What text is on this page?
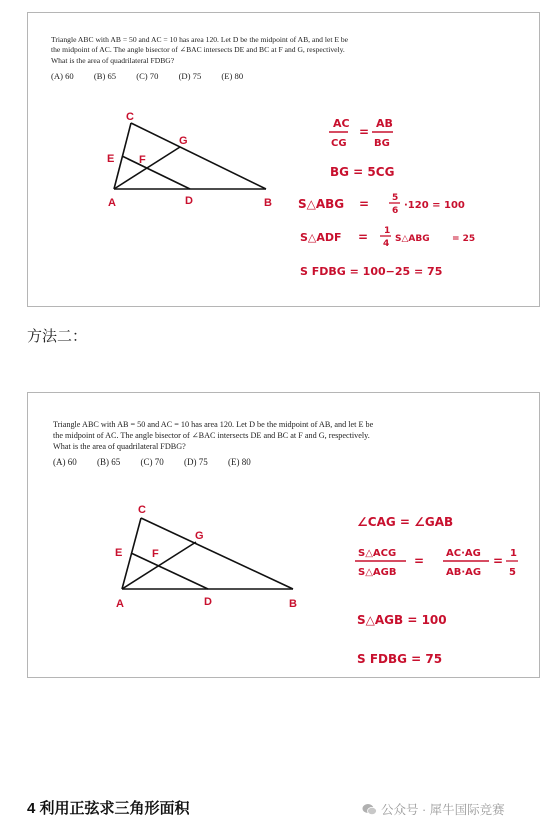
Triangle ABC with AB = 50 and AC = 10 has area 120. Let D be the midpoint of AB, and let E be

the midpoint of AC. The angle bisector of ∠BAC intersects DE and BC at F and G, respectively.

What is the area of quadrilateral FDBG?

(A) 60 (B) 65 (C) 70 (D) 75 (E) 80

C
G
E F
A	D	B
AC
CG
=
AB
BG
BG = 5CG
S△ABG =	5
6 ·120 = 100
S△ADF = 1
4 S△ABG = 25
S FDBG = 100−25 = 75
方法二：

Triangle ABC with AB = 50 and AC = 10 has area 120. Let D be the midpoint of AB, and let E be

the midpoint of AC. The angle bisector of ∠BAC intersects DE and BC at F and G, respectively.

What is the area of quadrilateral FDBG?

(A) 60 (B) 65 (C) 70 (D) 75 (E) 80

C
G
E	F
A	D	B
∠CAG = ∠GAB
S△ACG
S△AGB
=
AC·AG
AB·AG
=
1
5
S△AGB = 100
S FDBG = 75
4 利用正弦求三角形面积	公众号 · 犀牛国际竞赛
